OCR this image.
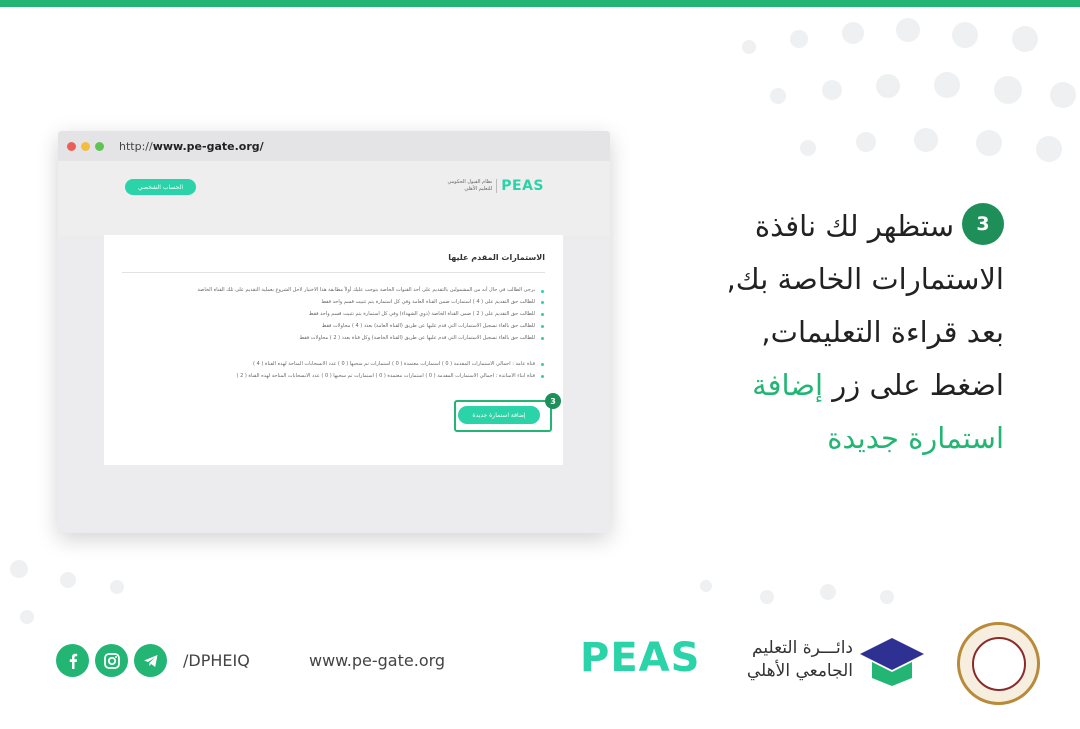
http://www.pe-gate.org/
الحساب الشخصي
نظام القبول الحكومي
للتعليم الأهلي PEAS
الاستمارات المقدم عليها
يرجى الطالب في حال أنه من المشمولين بالتقديم على أحد القنوات الخاصة يتوجب عليك أولاً مطابقة هذا الاختيار لاحل الشروع بعملية التقديم على تلك القناة الخاصة
للطالب حق التقديم على ( 4 ) استمارات ضمن القناة العامة وفي كل استمارة يتم تثبيت قسم واحد فقط
للطالب حق التقديم على ( 2 ) ضمن القناة الخاصة (ذوي الشهداء) وفي كل استمارة يتم تثبيت قسم واحد فقط
للطالب حق بالغاء تسجيل الاستمارات التي قدم عليها عن طريق (القناة العامة) بعدد ( 4 ) محاولات فقط
للطالب حق بالغاء تسجيل الاستمارات التي قدم عليها عن طريق (القناة الخاصة) وكل قناة بعدد ( 2 ) محاولات فقط
قناة عامة : اجمالي الاستمارات المقدمة ( 0 ) استمارات معتمدة ( 0 ) استمارات تم سحبها ( 0 ) عدد الانسحابات المتاحة لهذه القناة ( 4 )
قناة ابناء الاساتذة : اجمالي الاستمارات المقدمة ( 0 ) استمارات معتمدة ( 0 ) استمارات تم سحبها ( 0 ) عدد الانسحابات المتاحة لهذه القناة ( 2 )
إضافة استمارة جديدة
3
3ستظهر لك نافذة
الاستمارات الخاصة بك,
بعد قراءة التعليمات,
اضغط على زر إضافة
استمارة جديدة
/DPHEIQ	www.pe-gate.org	PEAS	دائـــرة التعليم
الجامعي الأهلي
